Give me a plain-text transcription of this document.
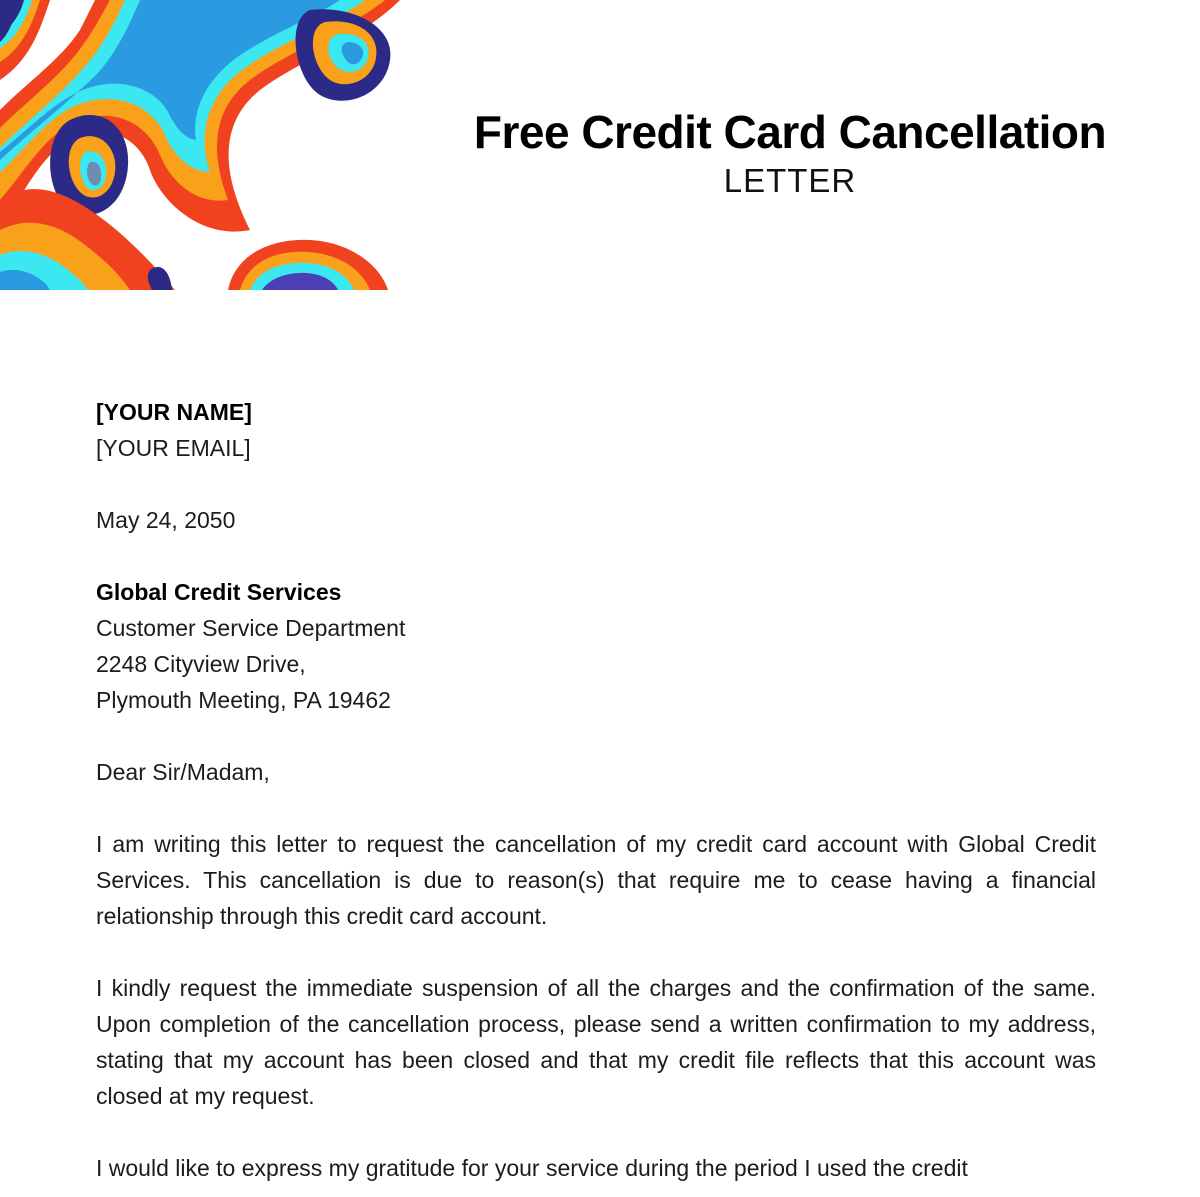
Free Credit Card Cancellation
LETTER
[YOUR NAME]
[YOUR EMAIL]
May 24, 2050
Global Credit Services
Customer Service Department
2248 Cityview Drive,
Plymouth Meeting, PA 19462
Dear Sir/Madam,

I am writing this letter to request the cancellation of my credit card account with Global Credit Services. This cancellation is due to reason(s) that require me to cease having a financial relationship through this credit card account.

I kindly request the immediate suspension of all the charges and the confirmation of the same. Upon completion of the cancellation process, please send a written confirmation to my address, stating that my account has been closed and that my credit file reflects that this account was closed at my request.

I would like to express my gratitude for your service during the period I used the credit
